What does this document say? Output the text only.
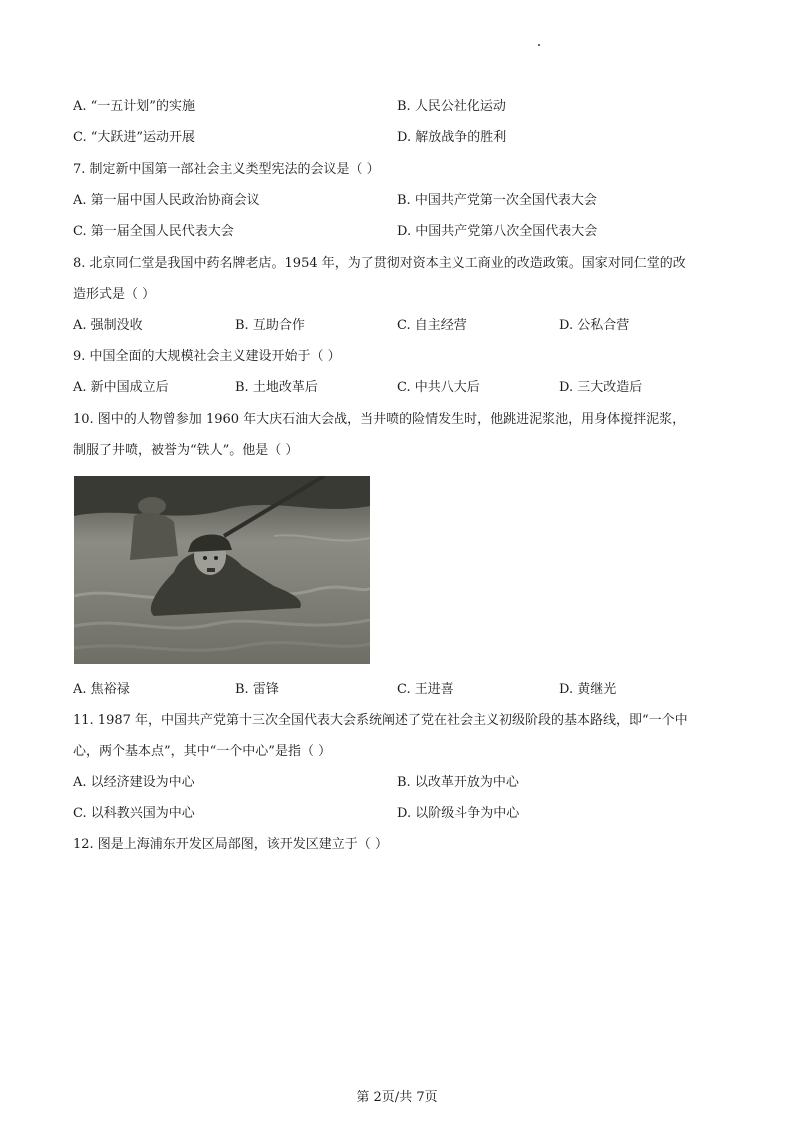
A. “一五计划”的实施	B. 人民公社化运动
C. “大跃进”运动开展	D. 解放战争的胜利
7. 制定新中国第一部社会主义类型宪法的会议是（ ）
A. 第一届中国人民政治协商会议	B. 中国共产党第一次全国代表大会
C. 第一届全国人民代表大会	D. 中国共产党第八次全国代表大会
8. 北京同仁堂是我国中药名牌老店。1954 年，为了贯彻对资本主义工商业的改造政策。国家对同仁堂的改
造形式是（ ）
A. 强制没收	B. 互助合作	C. 自主经营	D. 公私合营
9. 中国全面的大规模社会主义建设开始于（ ）
A. 新中国成立后	B. 土地改革后	C. 中共八大后	D. 三大改造后
10. 图中的人物曾参加 1960 年大庆石油大会战，当井喷的险情发生时，他跳进泥浆池，用身体搅拌泥浆，
制服了井喷，被誉为“铁人”。他是（ ）
A. 焦裕禄	B. 雷锋	C. 王进喜	D. 黄继光
11. 1987 年，中国共产党第十三次全国代表大会系统阐述了党在社会主义初级阶段的基本路线，即“一个中
心，两个基本点”，其中“一个中心”是指（ ）
A. 以经济建设为中心	B. 以改革开放为中心
C. 以科教兴国为中心	D. 以阶级斗争为中心
12. 图是上海浦东开发区局部图，该开发区建立于（ ）
第 2页/共 7页
